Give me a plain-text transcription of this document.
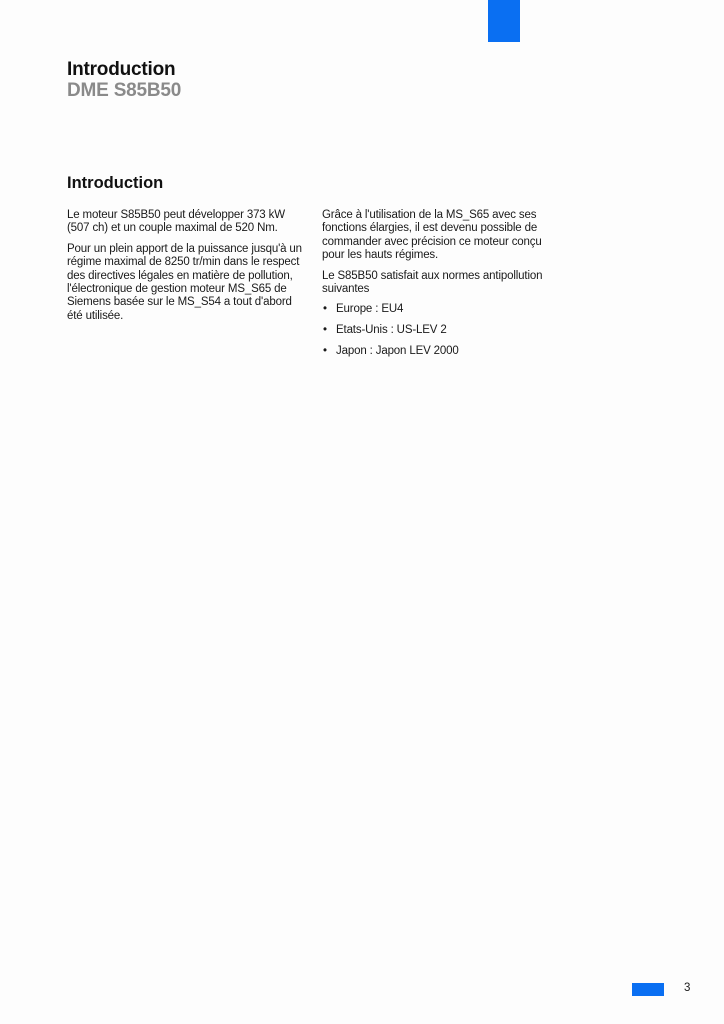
Introduction
DME S85B50
Introduction

Le moteur S85B50 peut développer 373 kW (507 ch) et un couple maximal de 520 Nm.

Pour un plein apport de la puissance jusqu'à un régime maximal de 8250 tr/min dans le respect des directives légales en matière de pollution, l'électronique de gestion moteur MS_S65 de Siemens basée sur le MS_S54 a tout d'abord été utilisée.

Grâce à l'utilisation de la MS_S65 avec ses fonctions élargies, il est devenu possible de commander avec précision ce moteur conçu pour les hauts régimes.

Le S85B50 satisfait aux normes antipollution suivantes

• Europe : EU4
• Etats-Unis : US-LEV 2
• Japon : Japon LEV 2000
3
